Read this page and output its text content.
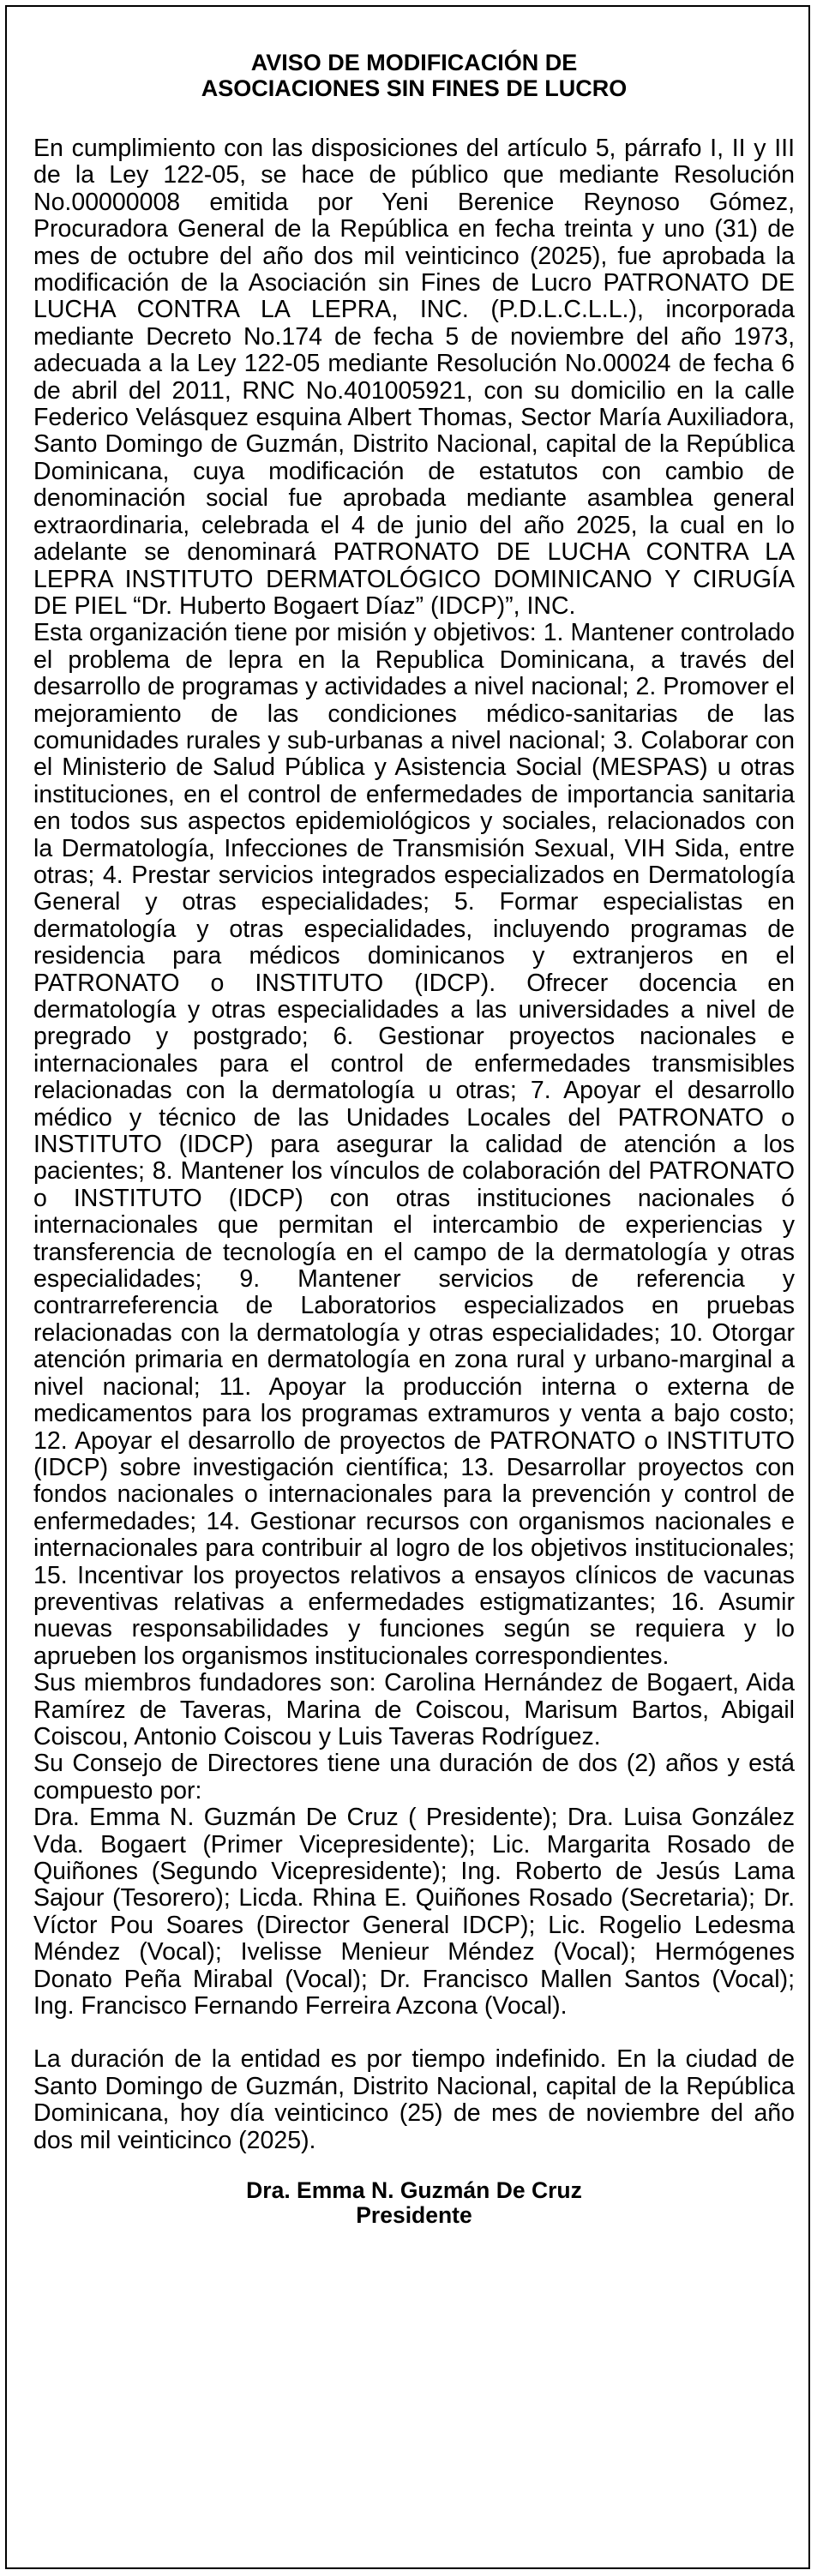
AVISO DE MODIFICACIÓN DE
ASOCIACIONES SIN FINES DE LUCRO

En cumplimiento con las disposiciones del artículo 5, párrafo I, II y III de la Ley 122-05, se hace de público que mediante Resolución No.00000008 emitida por Yeni Berenice Reynoso Gómez, Procuradora General de la República en fecha treinta y uno (31) de mes de octubre del año dos mil veinticinco (2025), fue aprobada la modificación de la Asociación sin Fines de Lucro PATRONATO DE LUCHA CONTRA LA LEPRA, INC. (P.D.L.C.L.L.), incorporada mediante Decreto No.174 de fecha 5 de noviembre del año 1973, adecuada a la Ley 122-05 mediante Resolución No.00024 de fecha 6 de abril del 2011, RNC No.401005921, con su domicilio en la calle Federico Velásquez esquina Albert Thomas, Sector María Auxiliadora, Santo Domingo de Guzmán, Distrito Nacional, capital de la República Dominicana, cuya modificación de estatutos con cambio de denominación social fue aprobada mediante asamblea general extraordinaria, celebrada el 4 de junio del año 2025, la cual en lo adelante se denominará PATRONATO DE LUCHA CONTRA LA LEPRA INSTITUTO DERMATOLÓGICO DOMINICANO Y CIRUGÍA DE PIEL “Dr. Huberto Bogaert Díaz” (IDCP)”, INC.

Esta organización tiene por misión y objetivos: 1. Mantener controlado el problema de lepra en la Republica Dominicana, a través del desarrollo de programas y actividades a nivel nacional; 2. Promover el mejoramiento de las condiciones médico-sanitarias de las comunidades rurales y sub-urbanas a nivel nacional; 3. Colaborar con el Ministerio de Salud Pública y Asistencia Social (MESPAS) u otras instituciones, en el control de enfermedades de importancia sanitaria en todos sus aspectos epidemiológicos y sociales, relacionados con la Dermatología, Infecciones de Transmisión Sexual, VIH Sida, entre otras; 4. Prestar servicios integrados especializados en Dermatología General y otras especialidades; 5. Formar especialistas en dermatología y otras especialidades, incluyendo programas de residencia para médicos dominicanos y extranjeros en el PATRONATO o INSTITUTO (IDCP). Ofrecer docencia en dermatología y otras especialidades a las universidades a nivel de pregrado y postgrado; 6. Gestionar proyectos nacionales e internacionales para el control de enfermedades transmisibles relacionadas con la dermatología u otras; 7. Apoyar el desarrollo médico y técnico de las Unidades Locales del PATRONATO o INSTITUTO (IDCP) para asegurar la calidad de atención a los pacientes; 8. Mantener los vínculos de colaboración del PATRONATO o INSTITUTO (IDCP) con otras instituciones nacionales ó internacionales que permitan el intercambio de experiencias y transferencia de tecnología en el campo de la dermatología y otras especialidades; 9. Mantener servicios de referencia y contrarreferencia de Laboratorios especializados en pruebas relacionadas con la dermatología y otras especialidades; 10. Otorgar atención primaria en dermatología en zona rural y urbano-marginal a nivel nacional; 11. Apoyar la producción interna o externa de medicamentos para los programas extramuros y venta a bajo costo; 12. Apoyar el desarrollo de proyectos de PATRONATO o INSTITUTO (IDCP) sobre investigación científica; 13. Desarrollar proyectos con fondos nacionales o internacionales para la prevención y control de enfermedades; 14. Gestionar recursos con organismos nacionales e internacionales para contribuir al logro de los objetivos institucionales; 15. Incentivar los proyectos relativos a ensayos clínicos de vacunas preventivas relativas a enfermedades estigmatizantes; 16. Asumir nuevas responsabilidades y funciones según se requiera y lo aprueben los organismos institucionales correspondientes.

Sus miembros fundadores son: Carolina Hernández de Bogaert, Aida Ramírez de Taveras, Marina de Coiscou, Marisum Bartos, Abigail Coiscou, Antonio Coiscou y Luis Taveras Rodríguez.

Su Consejo de Directores tiene una duración de dos (2) años y está compuesto por:

Dra. Emma N. Guzmán De Cruz ( Presidente); Dra. Luisa González Vda. Bogaert (Primer Vicepresidente); Lic. Margarita Rosado de Quiñones (Segundo Vicepresidente); Ing. Roberto de Jesús Lama Sajour (Tesorero); Licda. Rhina E. Quiñones Rosado (Secretaria); Dr. Víctor Pou Soares (Director General IDCP); Lic. Rogelio Ledesma Méndez (Vocal); Ivelisse Menieur Méndez (Vocal); Hermógenes Donato Peña Mirabal (Vocal); Dr. Francisco Mallen Santos (Vocal); Ing. Francisco Fernando Ferreira Azcona (Vocal).

La duración de la entidad es por tiempo indefinido. En la ciudad de Santo Domingo de Guzmán, Distrito Nacional, capital de la República Dominicana, hoy día veinticinco (25) de mes de noviembre del año dos mil veinticinco (2025).

Dra. Emma N. Guzmán De Cruz
Presidente
